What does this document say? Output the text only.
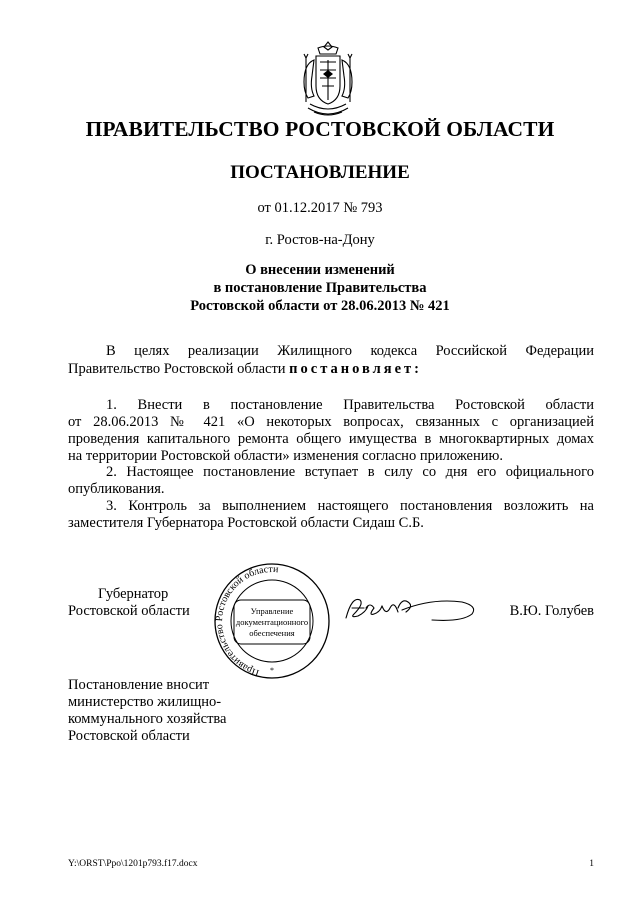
ПРАВИТЕЛЬСТВО РОСТОВСКОЙ ОБЛАСТИ
ПОСТАНОВЛЕНИЕ
от 01.12.2017 № 793
г. Ростов-на-Дону
О внесении изменений
в постановление Правительства
Ростовской области от 28.06.2013 № 421
В целях реализации Жилищного кодекса Российской Федерации
Правительство Ростовской области постановляет:
1. Внести в постановление Правительства Ростовской области
от 28.06.2013 № 421 «О некоторых вопросах, связанных с организацией
проведения капитального ремонта общего имущества в многоквартирных домах
на территории Ростовской области» изменения согласно приложению.
2. Настоящее постановление вступает в силу со дня его официального
опубликования.
3. Контроль за выполнением настоящего постановления возложить на
заместителя Губернатора Ростовской области Сидаш С.Б.
Губернатор
Ростовской области
Правительство Ростовской области
Управление
документационного
обеспечения
*
В.Ю. Голубев
Постановление вносит
министерство жилищно-
коммунального хозяйства
Ростовской области
Y:\ORST\Ppo\1201p793.f17.docx	1
